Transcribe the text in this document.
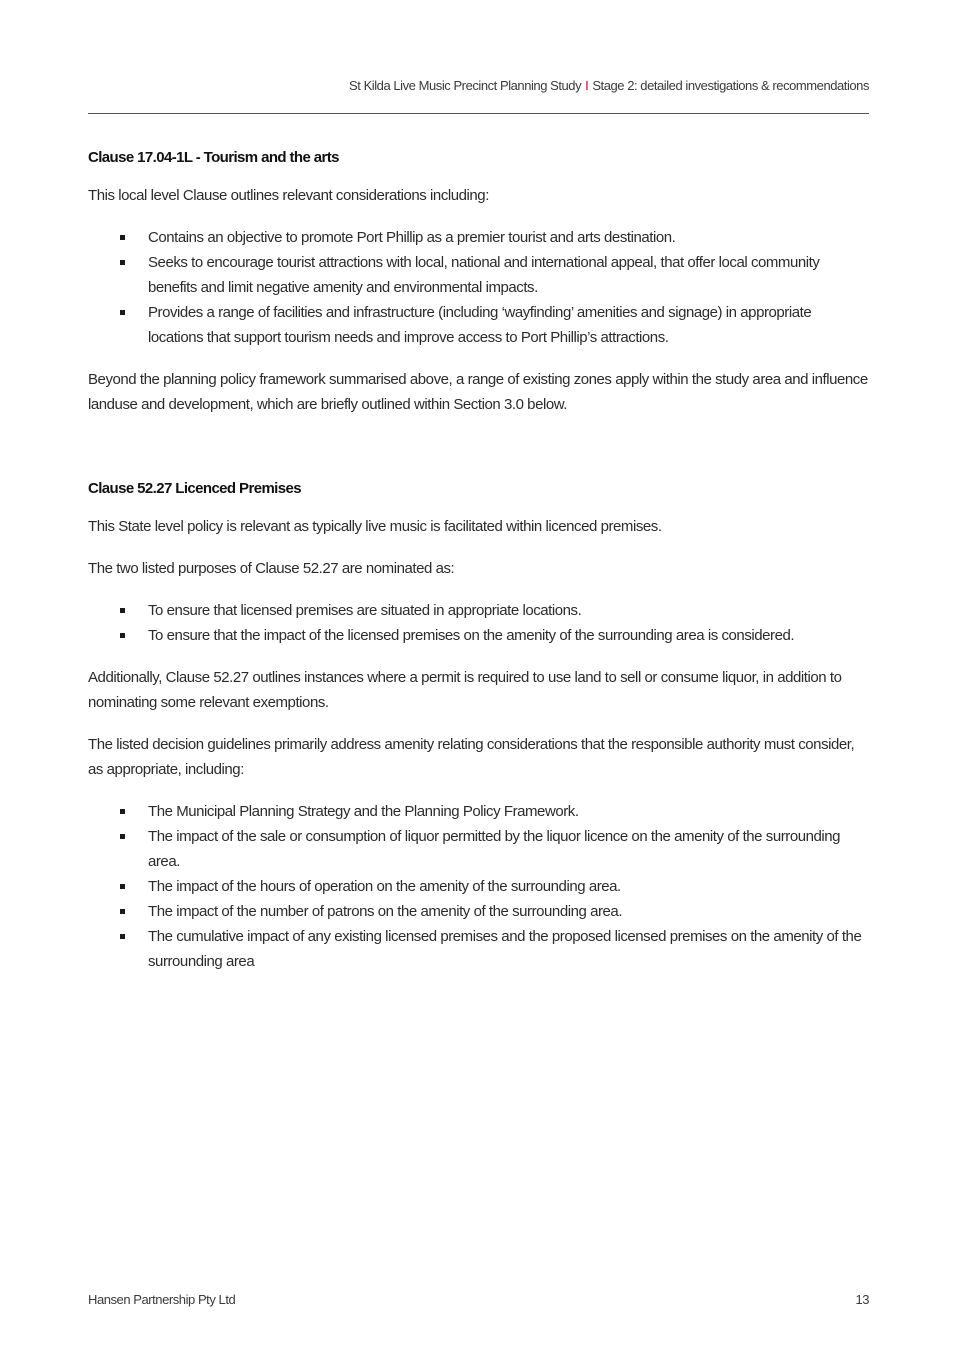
St Kilda Live Music Precinct Planning Study I Stage 2: detailed investigations & recommendations
Clause 17.04-1L - Tourism and the arts

This local level Clause outlines relevant considerations including:

Contains an objective to promote Port Phillip as a premier tourist and arts destination.
Seeks to encourage tourist attractions with local, national and international appeal, that offer local community benefits and limit negative amenity and environmental impacts.
Provides a range of facilities and infrastructure (including ‘wayfinding’ amenities and signage) in appropriate locations that support tourism needs and improve access to Port Phillip’s attractions.

Beyond the planning policy framework summarised above, a range of existing zones apply within the study area and influence landuse and development, which are briefly outlined within Section 3.0 below.

Clause 52.27 Licenced Premises

This State level policy is relevant as typically live music is facilitated within licenced premises.

The two listed purposes of Clause 52.27 are nominated as:

To ensure that licensed premises are situated in appropriate locations.
To ensure that the impact of the licensed premises on the amenity of the surrounding area is considered.

Additionally, Clause 52.27 outlines instances where a permit is required to use land to sell or consume liquor, in addition to nominating some relevant exemptions.

The listed decision guidelines primarily address amenity relating considerations that the responsible authority must consider, as appropriate, including:

The Municipal Planning Strategy and the Planning Policy Framework.
The impact of the sale or consumption of liquor permitted by the liquor licence on the amenity of the surrounding area.
The impact of the hours of operation on the amenity of the surrounding area.
The impact of the number of patrons on the amenity of the surrounding area.
The cumulative impact of any existing licensed premises and the proposed licensed premises on the amenity of the surrounding area
Hansen Partnership Pty Ltd	13
